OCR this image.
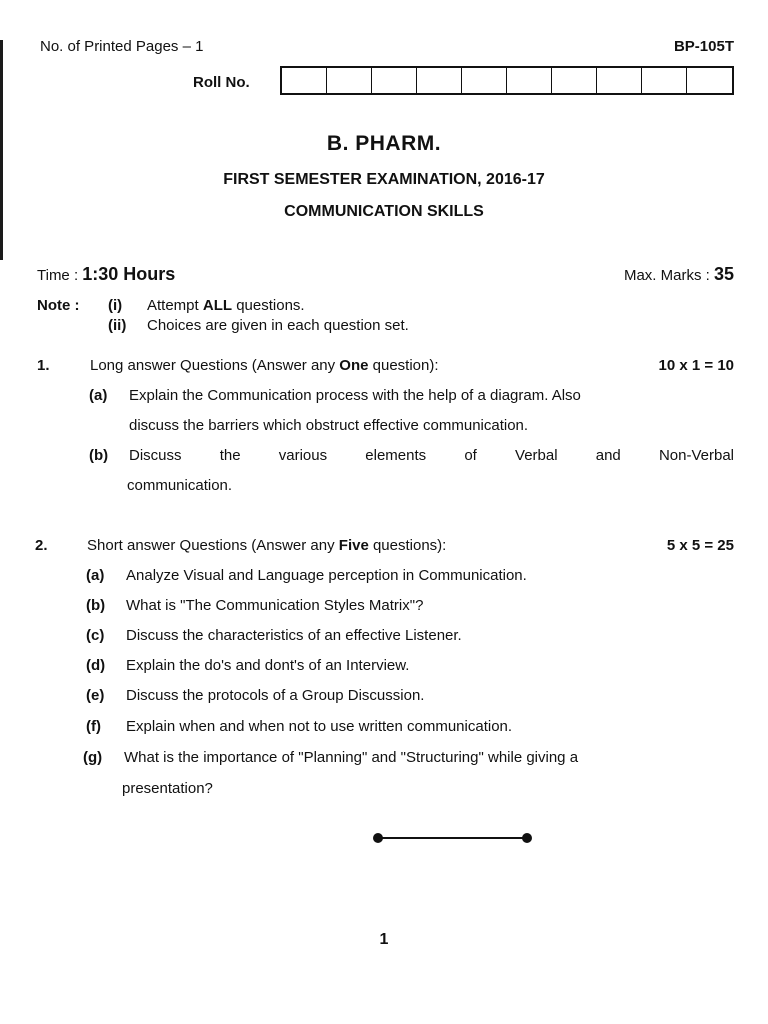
No. of Printed Pages – 1	BP-105T
Roll No.
B. PHARM.
FIRST SEMESTER EXAMINATION, 2016-17
COMMUNICATION SKILLS
Time : 1:30 Hours	Max. Marks : 35
Note : (i) Attempt ALL questions.
(ii) Choices are given in each question set.
1.	Long answer Questions (Answer any One question):	10 x 1 = 10
(a) Explain the Communication process with the help of a diagram. Also
discuss the barriers which obstruct effective communication.
(b) Discuss the various elements of Verbal and Non-Verbal
communication.
2.	Short answer Questions (Answer any Five questions):	5 x 5 = 25
(a) Analyze Visual and Language perception in Communication.
(b) What is "The Communication Styles Matrix"?
(c) Discuss the characteristics of an effective Listener.
(d) Explain the do's and dont's of an Interview.
(e) Discuss the protocols of a Group Discussion.
(f) Explain when and when not to use written communication.
(g) What is the importance of "Planning" and "Structuring" while giving a
presentation?
1
